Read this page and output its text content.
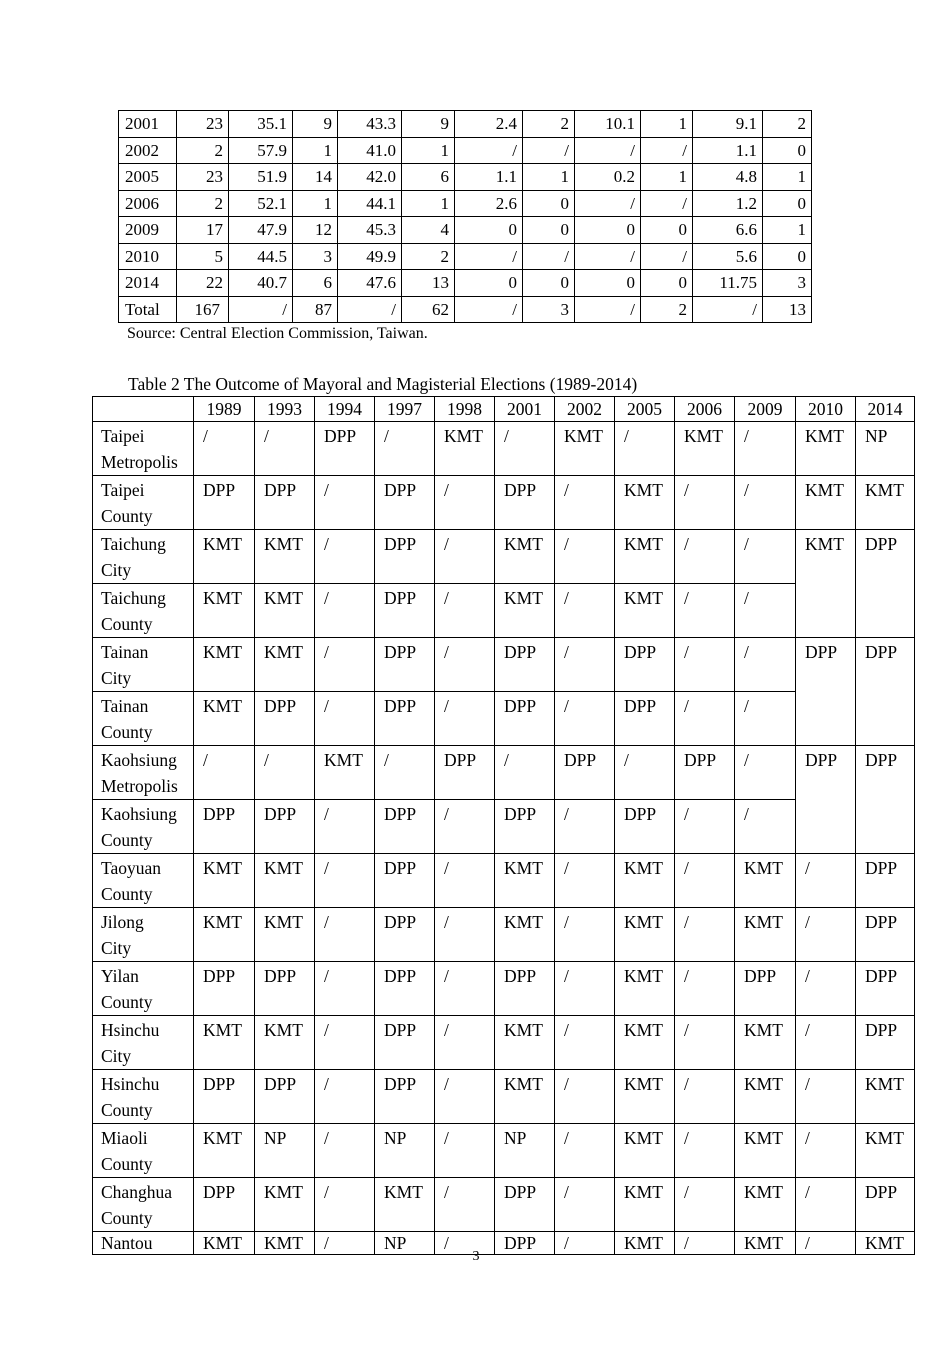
2001	23	35.1	9	43.3	9	2.4	2	10.1	1	9.1	2
2002	2	57.9	1	41.0	1	/	/	/	/	1.1	0
2005	23	51.9	14	42.0	6	1.1	1	0.2	1	4.8	1
2006	2	52.1	1	44.1	1	2.6	0	/	/	1.2	0
2009	17	47.9	12	45.3	4	0	0	0	0	6.6	1
2010	5	44.5	3	49.9	2	/	/	/	/	5.6	0
2014	22	40.7	6	47.6	13	0	0	0	0	11.75	3
Total	167	/	87	/	62	/	3	/	2	/	13
Source: Central Election Commission, Taiwan.
Table 2 The Outcome of Mayoral and Magisterial Elections (1989-2014)
	1989	1993	1994	1997	1998	2001	2002	2005	2006	2009	2010	2014
Taipei
Metropolis	/	/	DPP	/	KMT	/	KMT	/	KMT	/	KMT	NP
Taipei
County	DPP	DPP	/	DPP	/	DPP	/	KMT	/	/	KMT	KMT
Taichung
City	KMT	KMT	/	DPP	/	KMT	/	KMT	/	/	KMT	DPP
Taichung
County	KMT	KMT	/	DPP	/	KMT	/	KMT	/	/		
Tainan
City	KMT	KMT	/	DPP	/	DPP	/	DPP	/	/	DPP	DPP
Tainan
County	KMT	DPP	/	DPP	/	DPP	/	DPP	/	/		
Kaohsiung
Metropolis	/	/	KMT	/	DPP	/	DPP	/	DPP	/	DPP	DPP
Kaohsiung
County	DPP	DPP	/	DPP	/	DPP	/	DPP	/	/		
Taoyuan
County	KMT	KMT	/	DPP	/	KMT	/	KMT	/	KMT	/	DPP
Jilong
City	KMT	KMT	/	DPP	/	KMT	/	KMT	/	KMT	/	DPP
Yilan
County	DPP	DPP	/	DPP	/	DPP	/	KMT	/	DPP	/	DPP
Hsinchu
City	KMT	KMT	/	DPP	/	KMT	/	KMT	/	KMT	/	DPP
Hsinchu
County	DPP	DPP	/	DPP	/	KMT	/	KMT	/	KMT	/	KMT
Miaoli
County	KMT	NP	/	NP	/	NP	/	KMT	/	KMT	/	KMT
Changhua
County	DPP	KMT	/	KMT	/	DPP	/	KMT	/	KMT	/	DPP
Nantou	KMT	KMT	/	NP	/	DPP	/	KMT	/	KMT	/	KMT
3
